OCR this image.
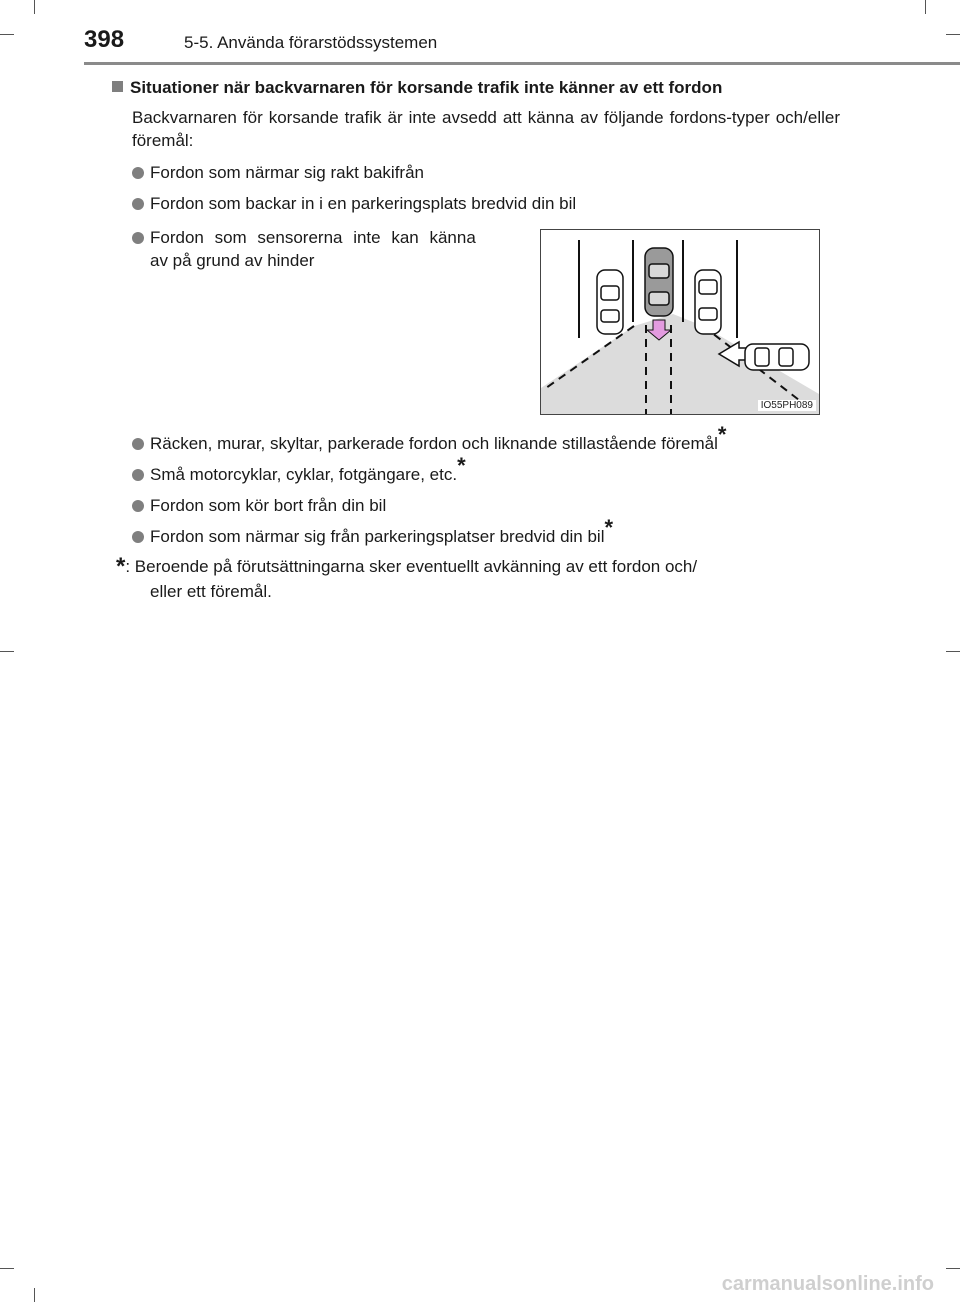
398	5-5. Använda förarstödssystemen
Situationer när backvarnaren för korsande trafik inte känner av ett fordon
Backvarnaren för korsande trafik är inte avsedd att känna av följande fordons-typer och/eller föremål:
Fordon som närmar sig rakt bakifrån
Fordon som backar in i en parkeringsplats bredvid din bil
Fordon som sensorerna inte kan känna
av på grund av hinder
IO55PH089
Räcken, murar, skyltar, parkerade fordon och liknande stillastående föremål*
Små motorcyklar, cyklar, fotgängare, etc.*
Fordon som kör bort från din bil
Fordon som närmar sig från parkeringsplatser bredvid din bil*
*: Beroende på förutsättningarna sker eventuellt avkänning av ett fordon och/
eller ett föremål.
carmanualsonline.info
